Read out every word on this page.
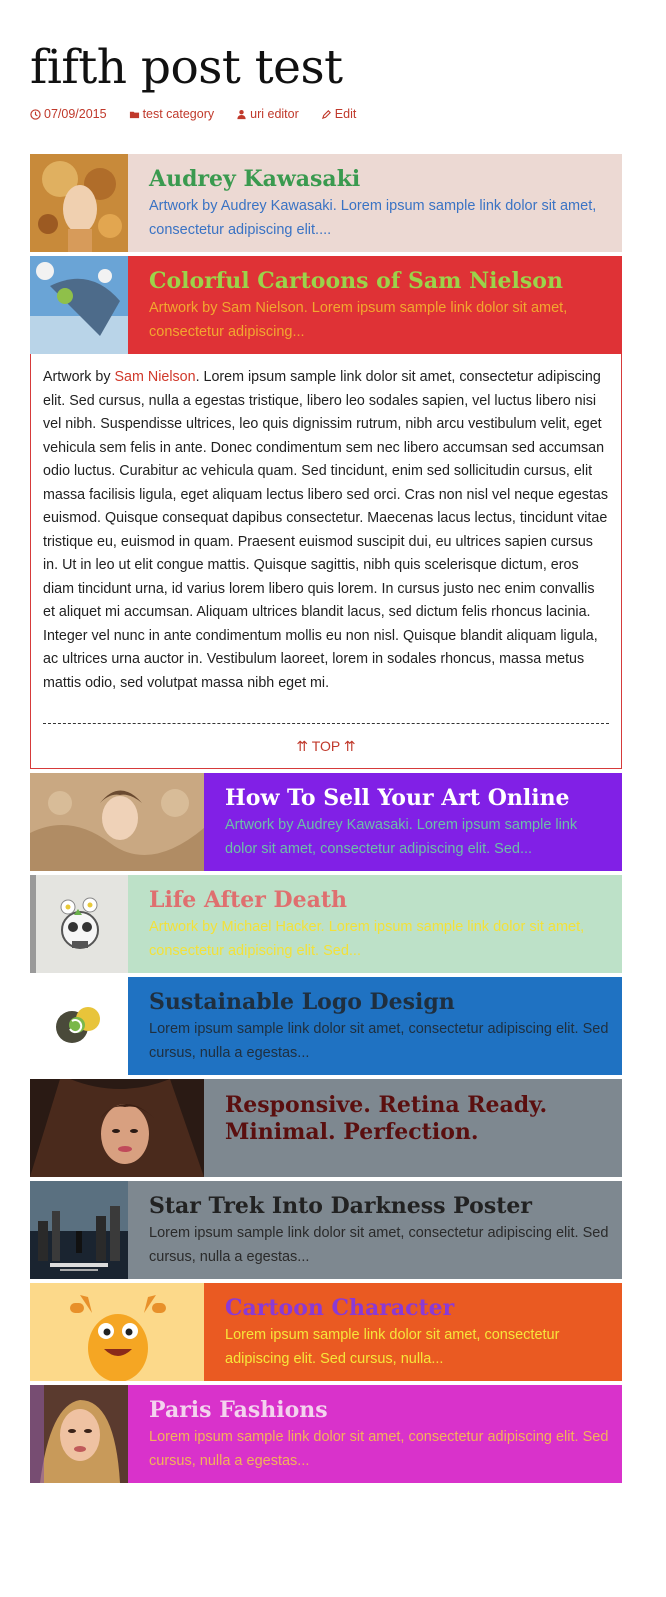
fifth post test
07/09/2015	test category	uri editor	Edit
Audrey Kawasaki
Artwork by Audrey Kawasaki. Lorem ipsum sample link dolor sit amet, consectetur adipiscing elit....
Colorful Cartoons of Sam Nielson
Artwork by Sam Nielson. Lorem ipsum sample link dolor sit amet, consectetur adipiscing...

Artwork by Sam Nielson. Lorem ipsum sample link dolor sit amet, consectetur adipiscing elit. Sed cursus, nulla a egestas tristique, libero leo sodales sapien, vel luctus libero nisi vel nibh. Suspendisse ultrices, leo quis dignissim rutrum, nibh arcu vestibulum velit, eget vehicula sem felis in ante. Donec condimentum sem nec libero accumsan sed accumsan odio luctus. Curabitur ac vehicula quam. Sed tincidunt, enim sed sollicitudin cursus, elit massa facilisis ligula, eget aliquam lectus libero sed orci. Cras non nisl vel neque egestas euismod. Quisque consequat dapibus consectetur. Maecenas lacus lectus, tincidunt vitae tristique eu, euismod in quam. Praesent euismod suscipit dui, eu ultrices sapien cursus in. Ut in leo ut elit congue mattis. Quisque sagittis, nibh quis scelerisque dictum, eros diam tincidunt urna, id varius lorem libero quis lorem. In cursus justo nec enim convallis et aliquet mi accumsan. Aliquam ultrices blandit lacus, sed dictum felis rhoncus lacinia. Integer vel nunc in ante condimentum mollis eu non nisl. Quisque blandit aliquam ligula, ac ultrices urna auctor in. Vestibulum laoreet, lorem in sodales rhoncus, massa metus mattis odio, sed volutpat massa nibh eget mi.

⇈ TOP ⇈
How To Sell Your Art Online
Artwork by Audrey Kawasaki. Lorem ipsum sample link dolor sit amet, consectetur adipiscing elit. Sed...
Life After Death
Artwork by Michael Hacker. Lorem ipsum sample link dolor sit amet, consectetur adipiscing elit. Sed...
Sustainable Logo Design
Lorem ipsum sample link dolor sit amet, consectetur adipiscing elit. Sed cursus, nulla a egestas...
Responsive. Retina Ready. Minimal. Perfection.
Star Trek Into Darkness Poster
Lorem ipsum sample link dolor sit amet, consectetur adipiscing elit. Sed cursus, nulla a egestas...
Cartoon Character
Lorem ipsum sample link dolor sit amet, consectetur adipiscing elit. Sed cursus, nulla...
Paris Fashions
Lorem ipsum sample link dolor sit amet, consectetur adipiscing elit. Sed cursus, nulla a egestas...
